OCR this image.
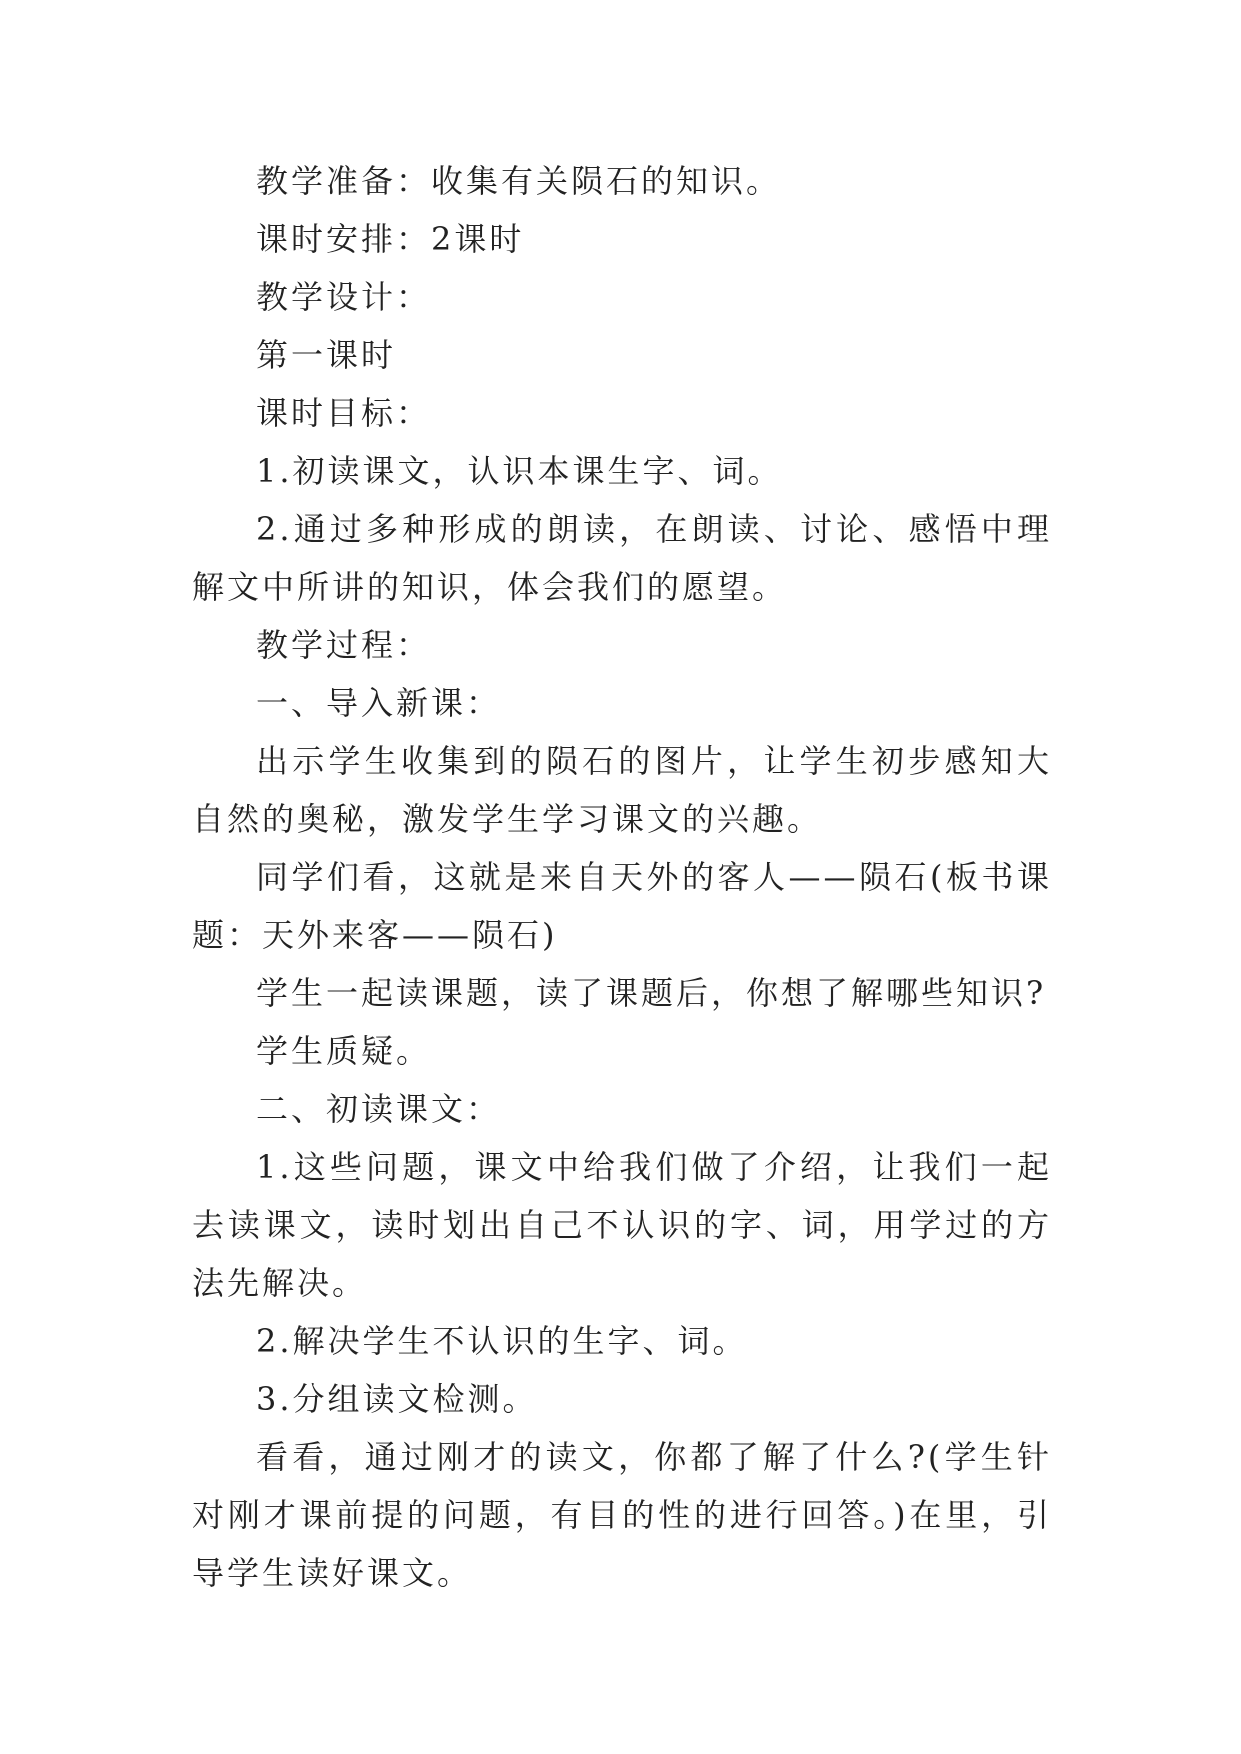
教学准备：收集有关陨石的知识。

课时安排：2课时

教学设计：

第一课时

课时目标：

1.初读课文，认识本课生字、词。

2.通过多种形成的朗读，在朗读、讨论、感悟中理解文中所讲的知识，体会我们的愿望。

教学过程：

一、导入新课：

出示学生收集到的陨石的图片，让学生初步感知大自然的奥秘，激发学生学习课文的兴趣。

同学们看，这就是来自天外的客人——陨石(板书课题：天外来客——陨石)

学生一起读课题，读了课题后，你想了解哪些知识?

学生质疑。

二、初读课文：

1.这些问题，课文中给我们做了介绍，让我们一起去读课文，读时划出自己不认识的字、词，用学过的方法先解决。

2.解决学生不认识的生字、词。

3.分组读文检测。

看看，通过刚才的读文，你都了解了什么?(学生针对刚才课前提的问题，有目的性的进行回答。)在里，引导学生读好课文。
